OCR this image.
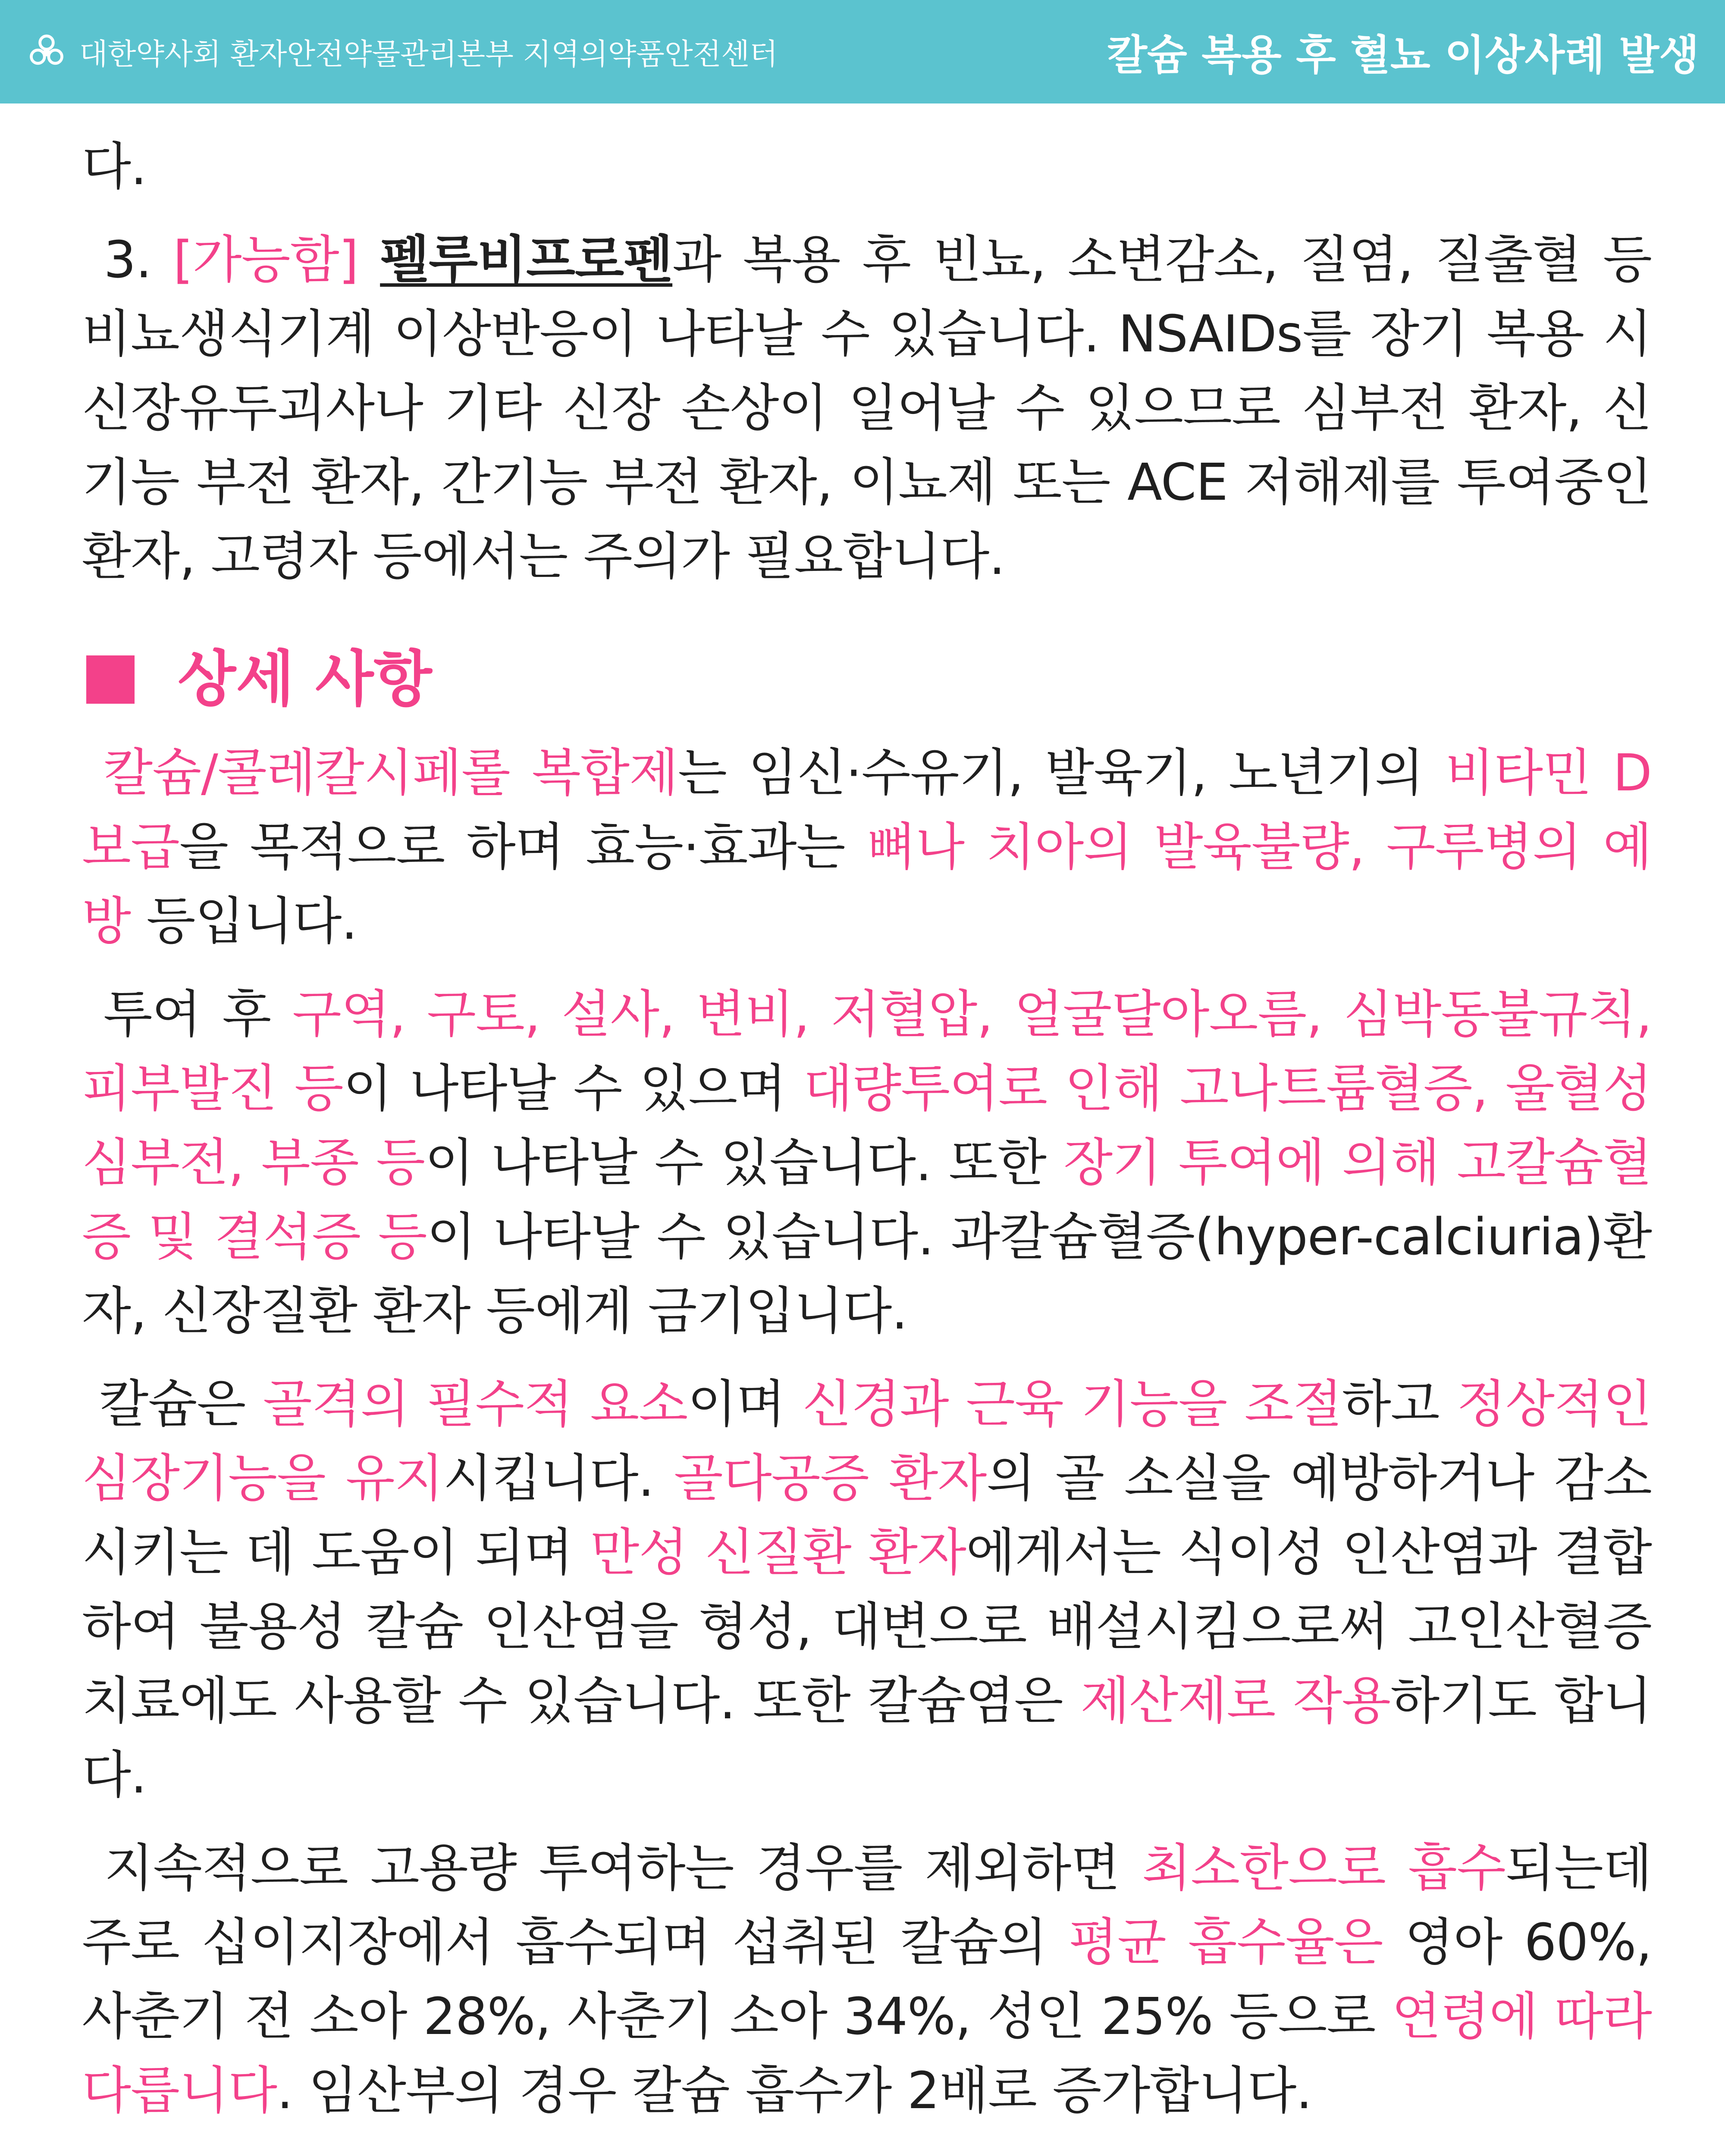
대한약사회 환자안전약물관리본부 지역의약품안전센터	칼슘 복용 후 혈뇨 이상사례 발생

다.

3. [가능함] 펠루비프로펜과 복용 후 빈뇨, 소변감소, 질염, 질출혈 등 비뇨생식기계 이상반응이 나타날 수 있습니다. NSAIDs를 장기 복용 시 신장유두괴사나 기타 신장 손상이 일어날 수 있으므로 심부전 환자, 신기능 부전 환자, 간기능 부전 환자, 이뇨제 또는 ACE 저해제를 투여중인 환자, 고령자 등에서는 주의가 필요합니다.

상세 사항

칼슘/콜레칼시페롤 복합제는 임신·수유기, 발육기, 노년기의 비타민 D 보급을 목적으로 하며 효능·효과는 뼈나 치아의 발육불량, 구루병의 예방 등입니다.

투여 후 구역, 구토, 설사, 변비, 저혈압, 얼굴달아오름, 심박동불규칙, 피부발진 등이 나타날 수 있으며 대량투여로 인해 고나트륨혈증, 울혈성심부전, 부종 등이 나타날 수 있습니다. 또한 장기 투여에 의해 고칼슘혈증 및 결석증 등이 나타날 수 있습니다. 과칼슘혈증(hyper-calciuria)환자, 신장질환 환자 등에게 금기입니다.

칼슘은 골격의 필수적 요소이며 신경과 근육 기능을 조절하고 정상적인 심장기능을 유지시킵니다. 골다공증 환자의 골 소실을 예방하거나 감소시키는 데 도움이 되며 만성 신질환 환자에게서는 식이성 인산염과 결합하여 불용성 칼슘 인산염을 형성, 대변으로 배설시킴으로써 고인산혈증 치료에도 사용할 수 있습니다. 또한 칼슘염은 제산제로 작용하기도 합니다.

지속적으로 고용량 투여하는 경우를 제외하면 최소한으로 흡수되는데 주로 십이지장에서 흡수되며 섭취된 칼슘의 평균 흡수율은 영아 60%, 사춘기 전 소아 28%, 사춘기 소아 34%, 성인 25% 등으로 연령에 따라 다릅니다. 임산부의 경우 칼슘 흡수가 2배로 증가합니다.
